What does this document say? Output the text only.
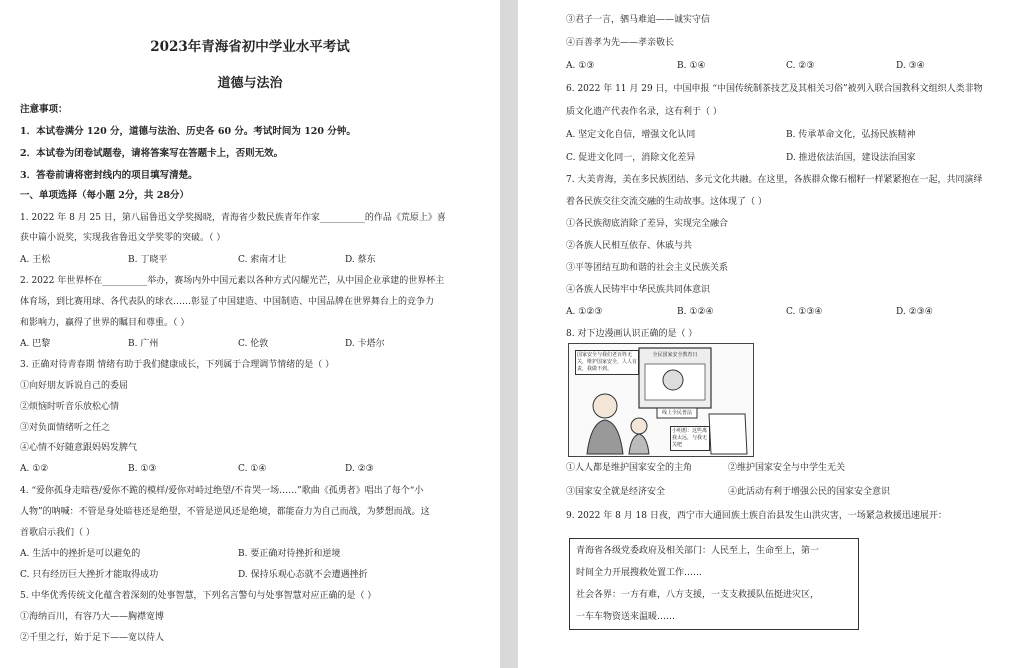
2023年青海省初中学业水平考试
道德与法治
注意事项：
1．本试卷满分 120 分，道德与法治、历史各 60 分。考试时间为 120 分钟。
2．本试卷为闭卷试题卷，请将答案写在答题卡上，否则无效。
3．答卷前请将密封线内的项目填写清楚。
一、单项选择（每小题 2分，共 28分）
1. 2022 年 8 月 25 日，第八届鲁迅文学奖揭晓，青海省少数民族青年作家__________的作品《荒原上》喜
获中篇小说奖，实现我省鲁迅文学奖零的突破。（ ）
A. 王松	B. 丁晓平	C. 索南才让	D. 蔡东
2. 2022 年世界杯在__________举办，赛场内外中国元素以各种方式闪耀光芒，从中国企业承建的世界杯主
体育场，到比赛用球、各代表队的球衣……彰显了中国建造、中国制造、中国品牌在世界舞台上的竞争力
和影响力，赢得了世界的瞩目和尊重。（ ）
A. 巴黎	B. 广州	C. 伦敦	D. 卡塔尔
3. 正确对待青春期 情绪有助于我们健康成长，下列属于合理调节情绪的是（ ）
①向好朋友诉说自己的委屈
②烦恼时听音乐放松心情
③对负面情绪听之任之
④心情不好随意跟妈妈发脾气
A. ①②	B. ①③	C. ①④	D. ②③
4. “爱你孤身走暗巷/爱你不跪的模样/爱你对峙过绝望/不肯哭一场……”歌曲《孤勇者》唱出了每个“小
人物”的呐喊：不管是身处暗巷还是绝望，不管是逆风还是绝境，都能奋力为自己而战，为梦想而战。这
首歌启示我们（ ）
A. 生活中的挫折是可以避免的	B. 要正确对待挫折和逆境
C. 只有经历巨大挫折才能取得成功	D. 保持乐观心态就不会遭遇挫折
5. 中华优秀传统文化蕴含着深刻的处事智慧，下列名言警句与处事智慧对应正确的是（ ）
①海纳百川，有容乃大——胸襟宽博
②千里之行，始于足下——宽以待人
③君子一言，驷马难追——诚实守信
④百善孝为先——孝亲敬长
A. ①③	B. ①④	C. ②③	D. ③④
6. 2022 年 11 月 29 日，中国申报 “中国传统制茶技艺及其相关习俗”被列入联合国教科文组织人类非物
质文化遗产代表作名录，这有利于（ ）
A. 坚定文化自信，增强文化认同	B. 传承革命文化，弘扬民族精神
C. 促进文化同一，消除文化差异	D. 推进依法治国，建设法治国家
7. 大美青海，美在多民族团结、多元文化共融。在这里，各族群众像石榴籽一样紧紧抱在一起，共同演绎
着各民族交往交流交融的生动故事。这体现了（ ）
①各民族彻底消除了差异，实现完全融合
②各族人民相互依存、休戚与共
③平等团结互助和谐的社会主义民族关系
④各族人民铸牢中华民族共同体意识
A. ①②③	B. ①②④	C. ①③④	D. ②③④
8. 对下边漫画认识正确的是（ ）
国家安全与我们老百姓无关，维护国家安全，人人有责，我做不到。
全民国家安全教育日
线上全民普法
小明想：这些离我太远，与我无关吧
①人人都是维护国家安全的主角	②维护国家安全与中学生无关
③国家安全就是经济安全	④此活动有利于增强公民的国家安全意识
9. 2022 年 8 月 18 日夜，西宁市大通回族土族自治县发生山洪灾害，一场紧急救援迅速展开：
青海省各级党委政府及相关部门：人民至上，生命至上，第一
时间全力开展搜救处置工作……
社会各界：一方有难，八方支援，一支支救援队伍挺进灾区，
一车车物资送来温暖……
